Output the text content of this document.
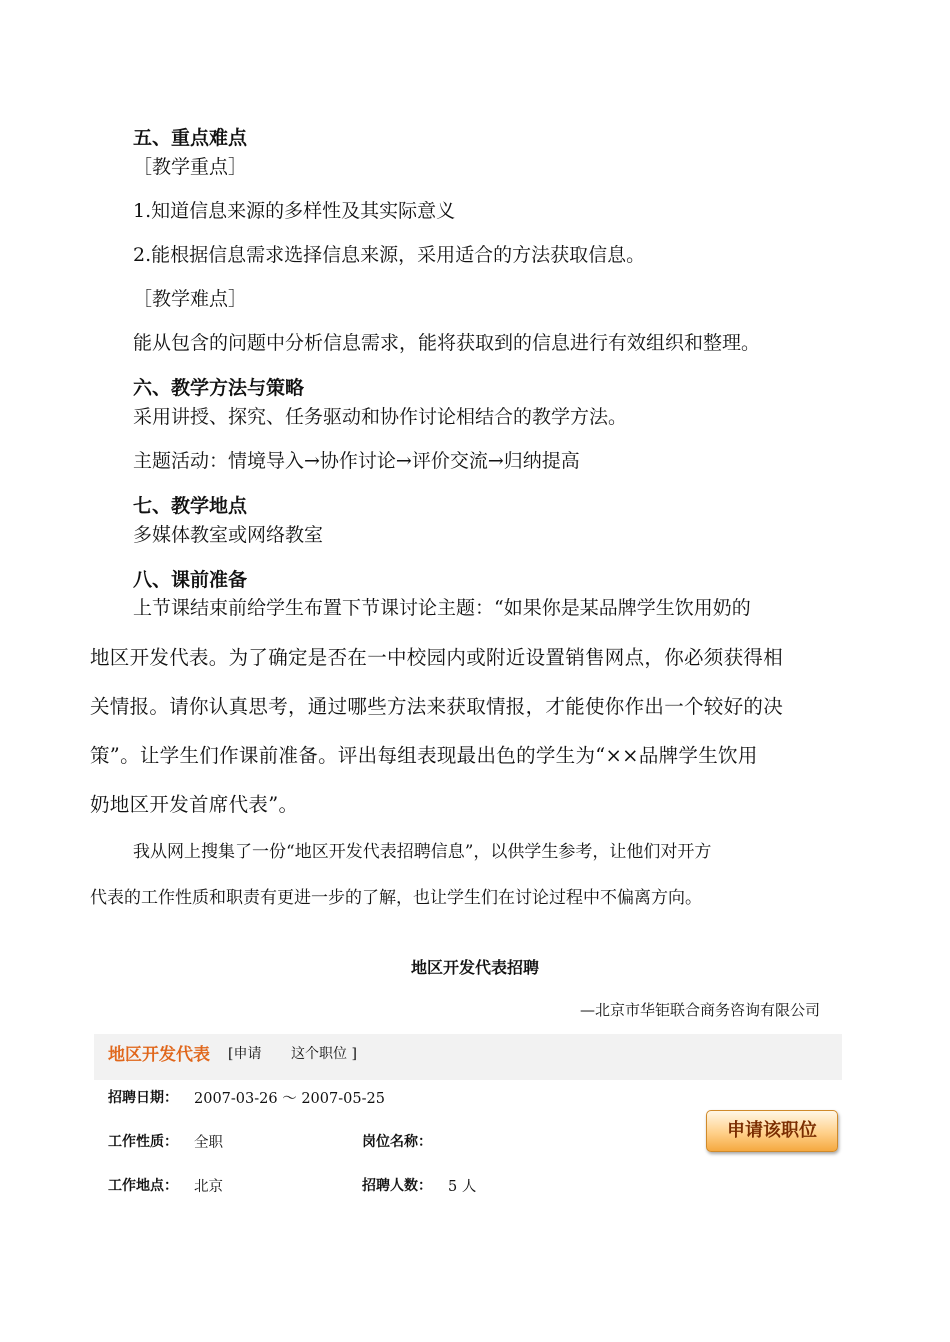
五、重点难点
［教学重点］
1.知道信息来源的多样性及其实际意义
2.能根据信息需求选择信息来源，采用适合的方法获取信息。
［教学难点］
能从包含的问题中分析信息需求，能将获取到的信息进行有效组织和整理。
六、教学方法与策略
采用讲授、探究、任务驱动和协作讨论相结合的教学方法。
主题活动：情境导入→协作讨论→评价交流→归纳提高
七、教学地点
多媒体教室或网络教室
八、课前准备
上节课结束前给学生布置下节课讨论主题：“如果你是某品牌学生饮用奶的
地区开发代表。为了确定是否在一中校园内或附近设置销售网点，你必须获得相
关情报。请你认真思考，通过哪些方法来获取情报，才能使你作出一个较好的决
策”。让学生们作课前准备。评出每组表现最出色的学生为“××品牌学生饮用
奶地区开发首席代表”。
我从网上搜集了一份“地区开发代表招聘信息”，以供学生参考，让他们对开方
代表的工作性质和职责有更进一步的了解，也让学生们在讨论过程中不偏离方向。
地区开发代表招聘
—北京市华钜联合商务咨询有限公司
地区开发代表 [申请 这个职位 ]
招聘日期： 2007-03-26 ～ 2007-05-25
工作性质： 全职	岗位名称：
工作地点： 北京	招聘人数： 5 人
申请该职位
